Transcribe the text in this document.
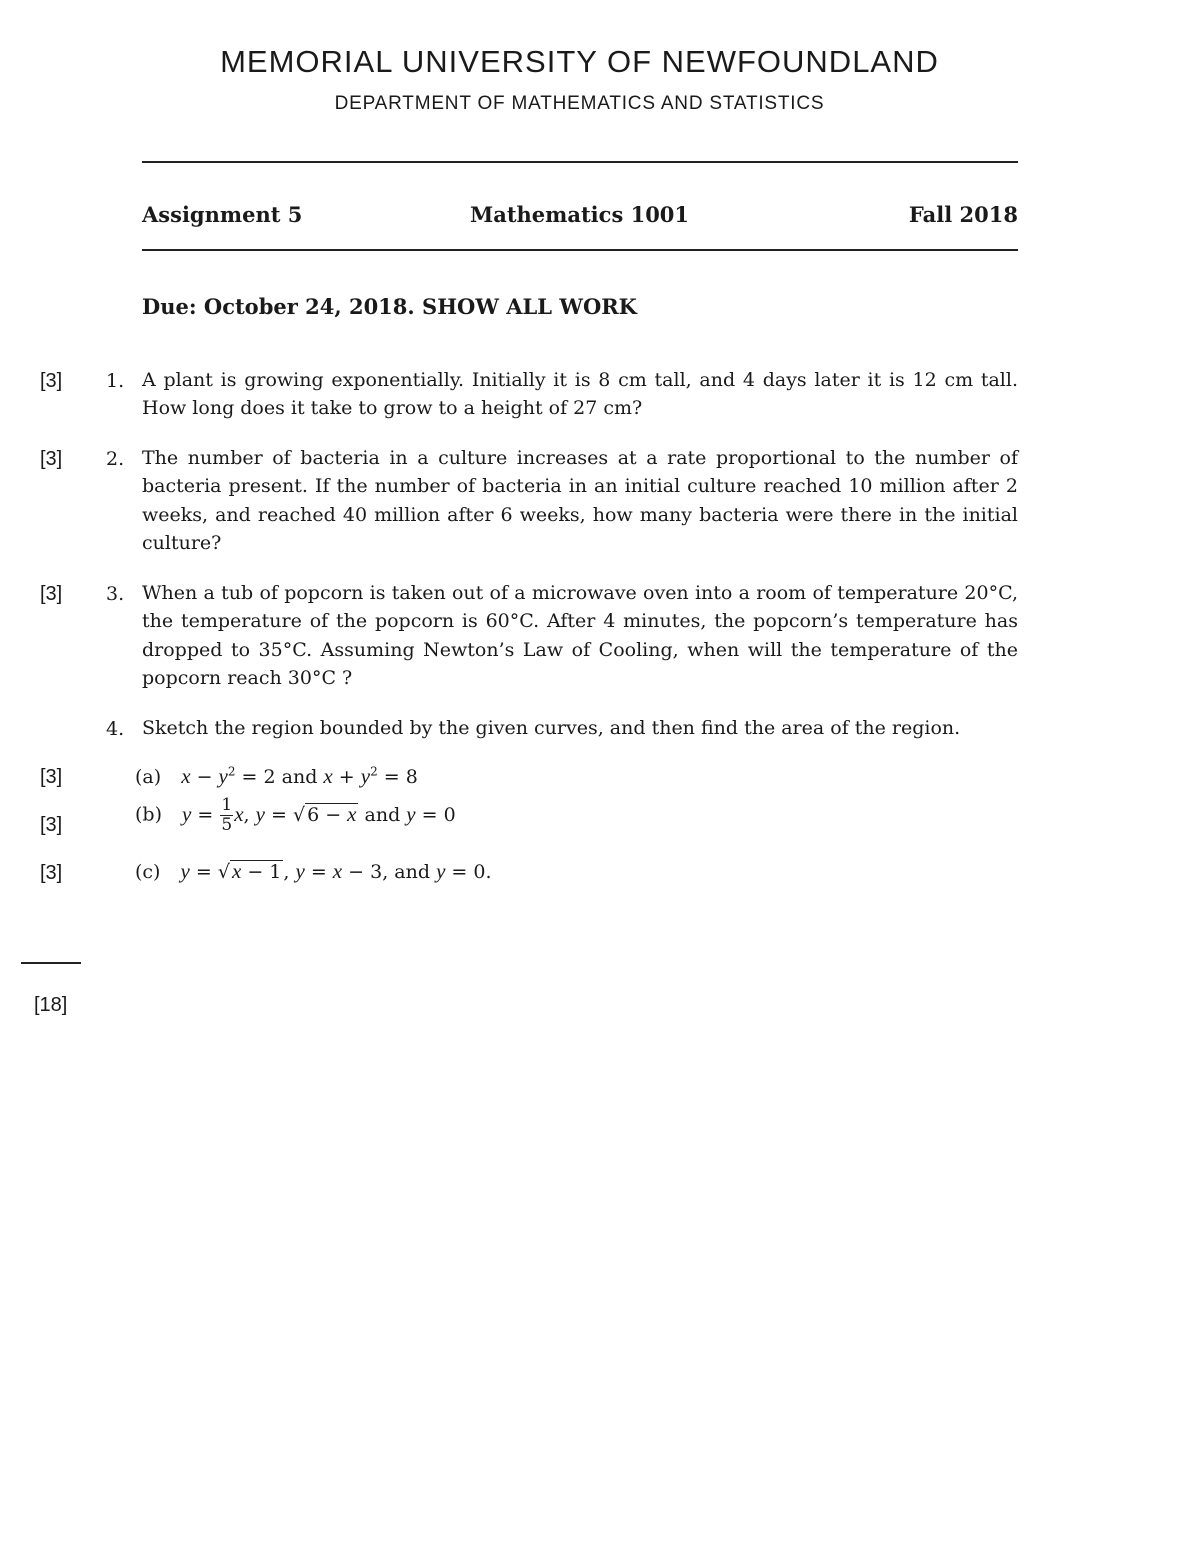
MEMORIAL UNIVERSITY OF NEWFOUNDLAND
DEPARTMENT OF MATHEMATICS AND STATISTICS
Assignment 5	Mathematics 1001	Fall 2018
Due: October 24, 2018. SHOW ALL WORK
[3] 1. A plant is growing exponentially. Initially it is 8 cm tall, and 4 days later it is 12 cm tall. How long does it take to grow to a height of 27 cm?
[3] 2. The number of bacteria in a culture increases at a rate proportional to the number of bacteria present. If the number of bacteria in an initial culture reached 10 million after 2 weeks, and reached 40 million after 6 weeks, how many bacteria were there in the initial culture?
[3] 3. When a tub of popcorn is taken out of a microwave oven into a room of temperature 20°C, the temperature of the popcorn is 60°C. After 4 minutes, the popcorn’s temperature has dropped to 35°C. Assuming Newton’s Law of Cooling, when will the temperature of the popcorn reach 30°C ?
4. Sketch the region bounded by the given curves, and then find the area of the region.
[3]	(a) $x - y^2 = 2$ and $x + y^2 = 8$
[3]	(b) $y = \frac{1}{5} x$, y = √ 6 − x and y = 0
[3]	(c) y = √x − 1 , y = x − 3, and y = 0.
[18]
